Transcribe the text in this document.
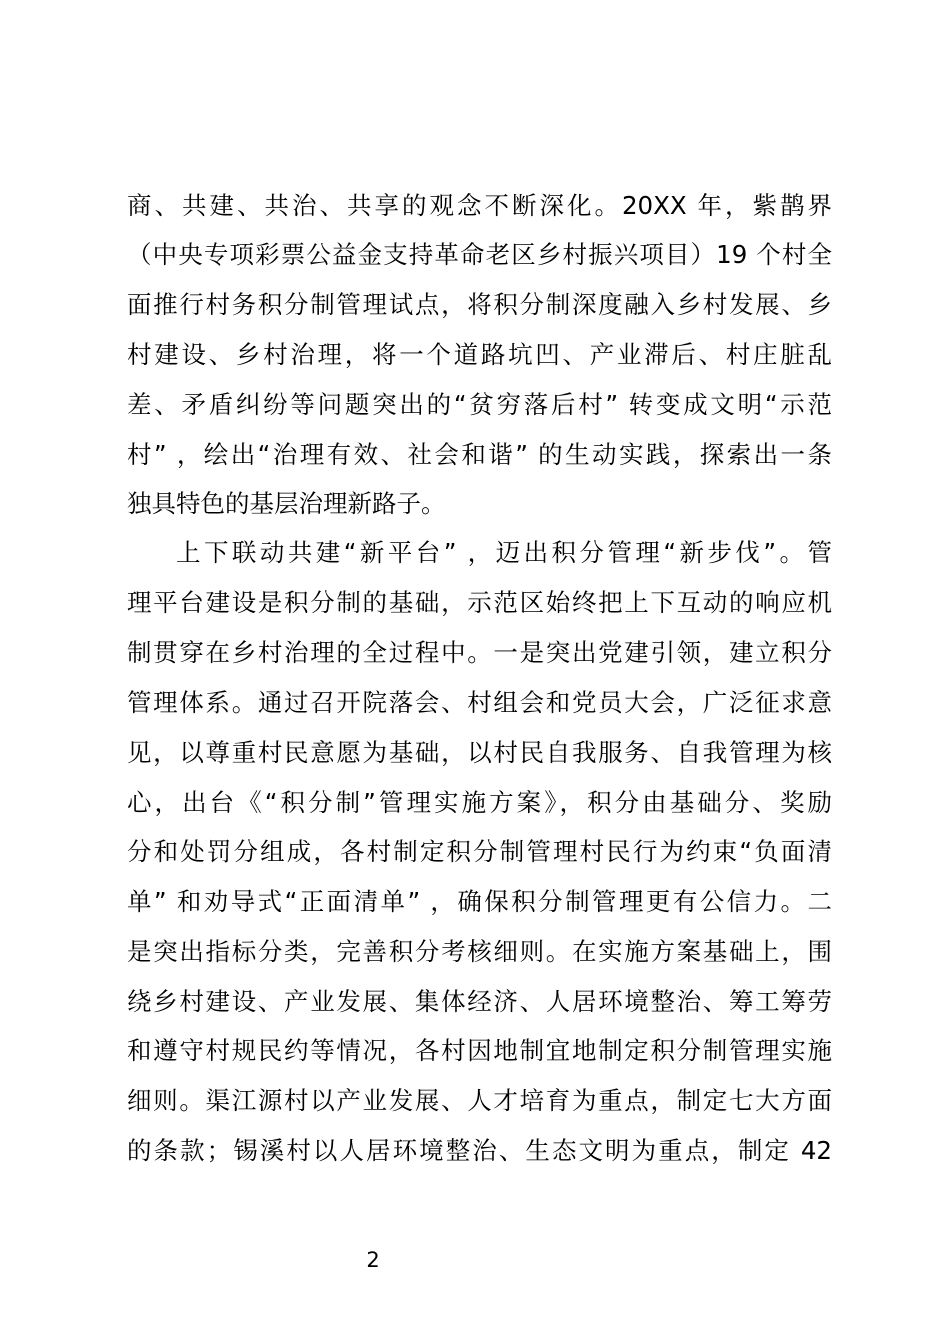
商、共建、共治、共享的观念不断深化。20XX 年，紫鹊界
（中央专项彩票公益金支持革命老区乡村振兴项目）19 个村全
面推行村务积分制管理试点，将积分制深度融入乡村发展、乡
村建设、乡村治理，将一个道路坑凹、产业滞后、村庄脏乱
差、矛盾纠纷等问题突出的“贫穷落后村” 转变成文明“示范
村” ，绘出“治理有效、社会和谐” 的生动实践，探索出一条
独具特色的基层治理新路子。
上下联动共建“新平台” ，迈出积分管理“新步伐”。管
理平台建设是积分制的基础，示范区始终把上下互动的响应机
制贯穿在乡村治理的全过程中。一是突出党建引领，建立积分
管理体系。通过召开院落会、村组会和党员大会，广泛征求意
见，以尊重村民意愿为基础，以村民自我服务、自我管理为核
心，出台《“积分制”管理实施方案》，积分由基础分、奖励
分和处罚分组成，各村制定积分制管理村民行为约束“负面清
单” 和劝导式“正面清单” ，确保积分制管理更有公信力。二
是突出指标分类，完善积分考核细则。在实施方案基础上，围
绕乡村建设、产业发展、集体经济、人居环境整治、筹工筹劳
和遵守村规民约等情况，各村因地制宜地制定积分制管理实施
细则。渠江源村以产业发展、人才培育为重点，制定七大方面
的条款；锡溪村以人居环境整治、生态文明为重点，制定 42
2
